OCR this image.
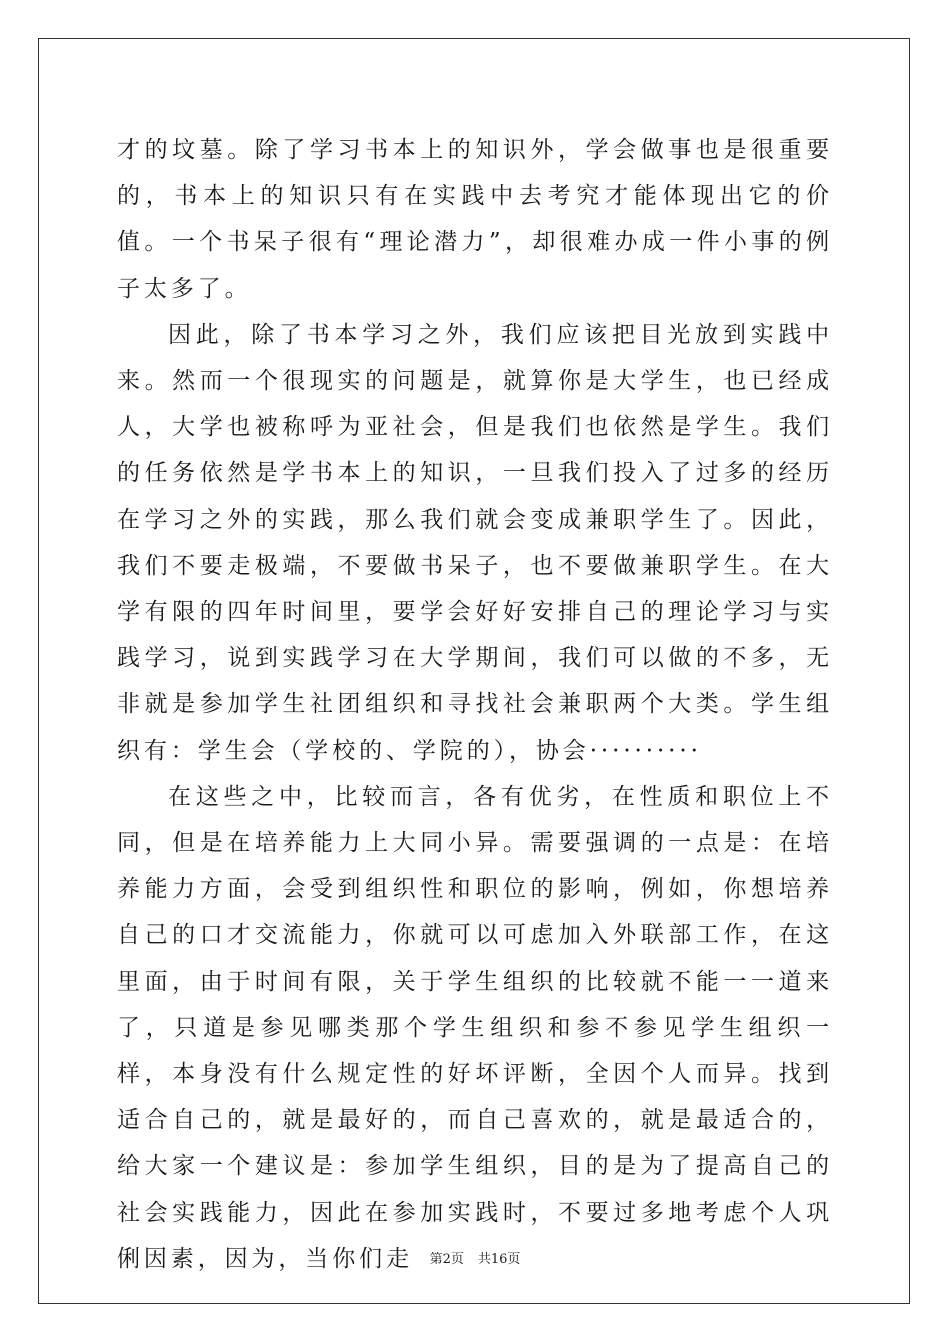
才的坟墓。除了学习书本上的知识外，学会做事也是很重要的，书本上的知识只有在实践中去考究才能体现出它的价值。一个书呆子很有“理论潜力”，却很难办成一件小事的例子太多了。

因此，除了书本学习之外，我们应该把目光放到实践中来。然而一个很现实的问题是，就算你是大学生，也已经成人，大学也被称呼为亚社会，但是我们也依然是学生。我们的任务依然是学书本上的知识，一旦我们投入了过多的经历在学习之外的实践，那么我们就会变成兼职学生了。因此，我们不要走极端，不要做书呆子，也不要做兼职学生。在大学有限的四年时间里，要学会好好安排自己的理论学习与实践学习，说到实践学习在大学期间，我们可以做的不多，无非就是参加学生社团组织和寻找社会兼职两个大类。学生组织有：学生会（学校的、学院的），协会··········

在这些之中，比较而言，各有优劣，在性质和职位上不同，但是在培养能力上大同小异。需要强调的一点是：在培养能力方面，会受到组织性和职位的影响，例如，你想培养自己的口才交流能力，你就可以可虑加入外联部工作，在这里面，由于时间有限，关于学生组织的比较就不能一一道来了，只道是参见哪类那个学生组织和参不参见学生组织一样，本身没有什么规定性的好坏评断，全因个人而异。找到适合自己的，就是最好的，而自己喜欢的，就是最适合的，给大家一个建议是：参加学生组织，目的是为了提高自己的社会实践能力，因此在参加实践时，不要过多地考虑个人巩俐因素，因为，当你们走	第2页 共16页
